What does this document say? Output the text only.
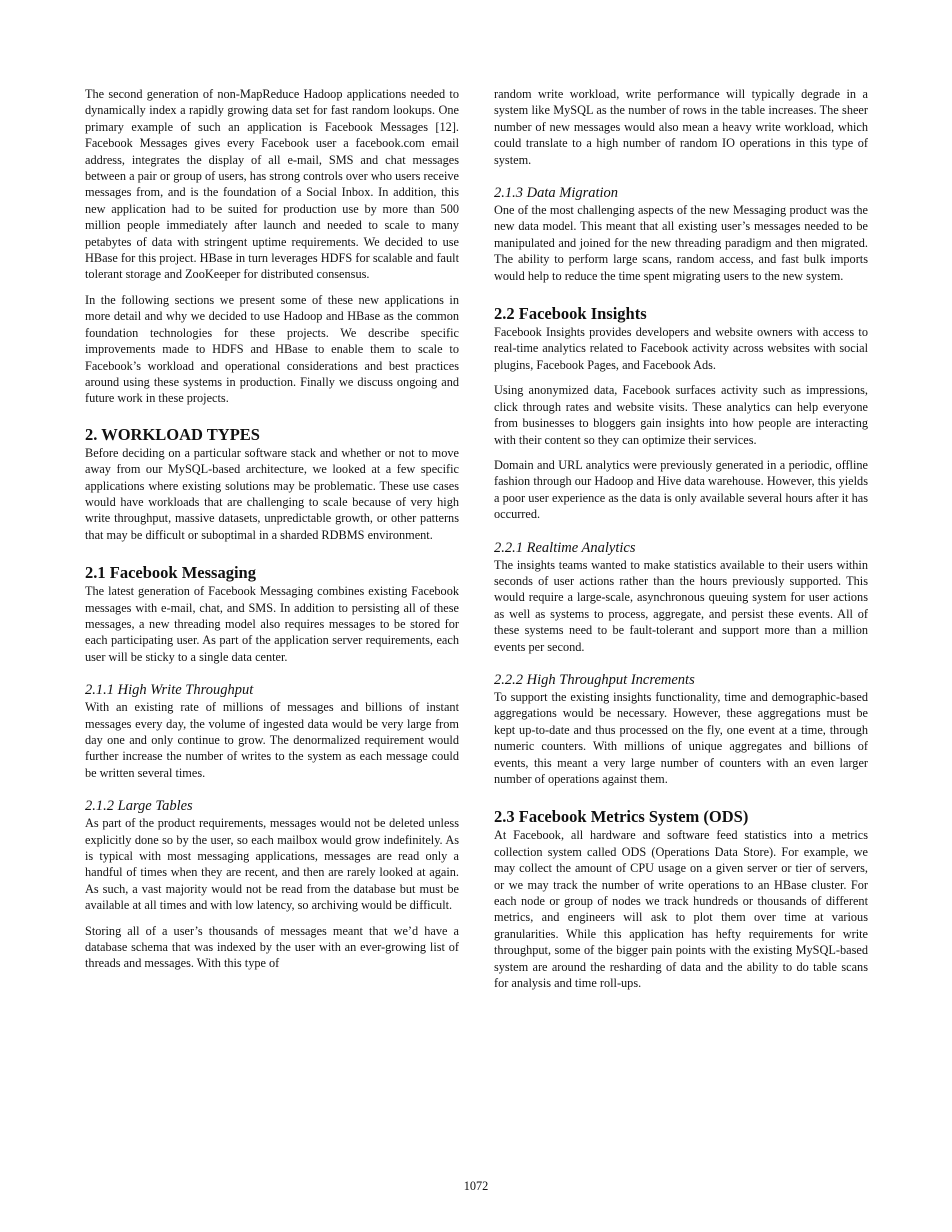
The second generation of non-MapReduce Hadoop applications needed to dynamically index a rapidly growing data set for fast random lookups. One primary example of such an application is Facebook Messages [12]. Facebook Messages gives every Facebook user a facebook.com email address, integrates the display of all e-mail, SMS and chat messages between a pair or group of users, has strong controls over who users receive messages from, and is the foundation of a Social Inbox. In addition, this new application had to be suited for production use by more than 500 million people immediately after launch and needed to scale to many petabytes of data with stringent uptime requirements. We decided to use HBase for this project. HBase in turn leverages HDFS for scalable and fault tolerant storage and ZooKeeper for distributed consensus.

In the following sections we present some of these new applications in more detail and why we decided to use Hadoop and HBase as the common foundation technologies for these projects. We describe specific improvements made to HDFS and HBase to enable them to scale to Facebook’s workload and operational considerations and best practices around using these systems in production. Finally we discuss ongoing and future work in these projects.

2. WORKLOAD TYPES

Before deciding on a particular software stack and whether or not to move away from our MySQL-based architecture, we looked at a few specific applications where existing solutions may be problematic. These use cases would have workloads that are challenging to scale because of very high write throughput, massive datasets, unpredictable growth, or other patterns that may be difficult or suboptimal in a sharded RDBMS environment.

2.1 Facebook Messaging

The latest generation of Facebook Messaging combines existing Facebook messages with e-mail, chat, and SMS. In addition to persisting all of these messages, a new threading model also requires messages to be stored for each participating user. As part of the application server requirements, each user will be sticky to a single data center.

2.1.1 High Write Throughput

With an existing rate of millions of messages and billions of instant messages every day, the volume of ingested data would be very large from day one and only continue to grow. The denormalized requirement would further increase the number of writes to the system as each message could be written several times.

2.1.2 Large Tables

As part of the product requirements, messages would not be deleted unless explicitly done so by the user, so each mailbox would grow indefinitely. As is typical with most messaging applications, messages are read only a handful of times when they are recent, and then are rarely looked at again. As such, a vast majority would not be read from the database but must be available at all times and with low latency, so archiving would be difficult.

Storing all of a user’s thousands of messages meant that we’d have a database schema that was indexed by the user with an ever-growing list of threads and messages. With this type of

random write workload, write performance will typically degrade in a system like MySQL as the number of rows in the table increases. The sheer number of new messages would also mean a heavy write workload, which could translate to a high number of random IO operations in this type of system.

2.1.3 Data Migration

One of the most challenging aspects of the new Messaging product was the new data model. This meant that all existing user’s messages needed to be manipulated and joined for the new threading paradigm and then migrated. The ability to perform large scans, random access, and fast bulk imports would help to reduce the time spent migrating users to the new system.

2.2 Facebook Insights

Facebook Insights provides developers and website owners with access to real-time analytics related to Facebook activity across websites with social plugins, Facebook Pages, and Facebook Ads.

Using anonymized data, Facebook surfaces activity such as impressions, click through rates and website visits. These analytics can help everyone from businesses to bloggers gain insights into how people are interacting with their content so they can optimize their services.

Domain and URL analytics were previously generated in a periodic, offline fashion through our Hadoop and Hive data warehouse. However, this yields a poor user experience as the data is only available several hours after it has occurred.

2.2.1 Realtime Analytics

The insights teams wanted to make statistics available to their users within seconds of user actions rather than the hours previously supported. This would require a large-scale, asynchronous queuing system for user actions as well as systems to process, aggregate, and persist these events. All of these systems need to be fault-tolerant and support more than a million events per second.

2.2.2 High Throughput Increments

To support the existing insights functionality, time and demographic-based aggregations would be necessary. However, these aggregations must be kept up-to-date and thus processed on the fly, one event at a time, through numeric counters. With millions of unique aggregates and billions of events, this meant a very large number of counters with an even larger number of operations against them.

2.3 Facebook Metrics System (ODS)

At Facebook, all hardware and software feed statistics into a metrics collection system called ODS (Operations Data Store). For example, we may collect the amount of CPU usage on a given server or tier of servers, or we may track the number of write operations to an HBase cluster. For each node or group of nodes we track hundreds or thousands of different metrics, and engineers will ask to plot them over time at various granularities. While this application has hefty requirements for write throughput, some of the bigger pain points with the existing MySQL-based system are around the resharding of data and the ability to do table scans for analysis and time roll-ups.

1072
